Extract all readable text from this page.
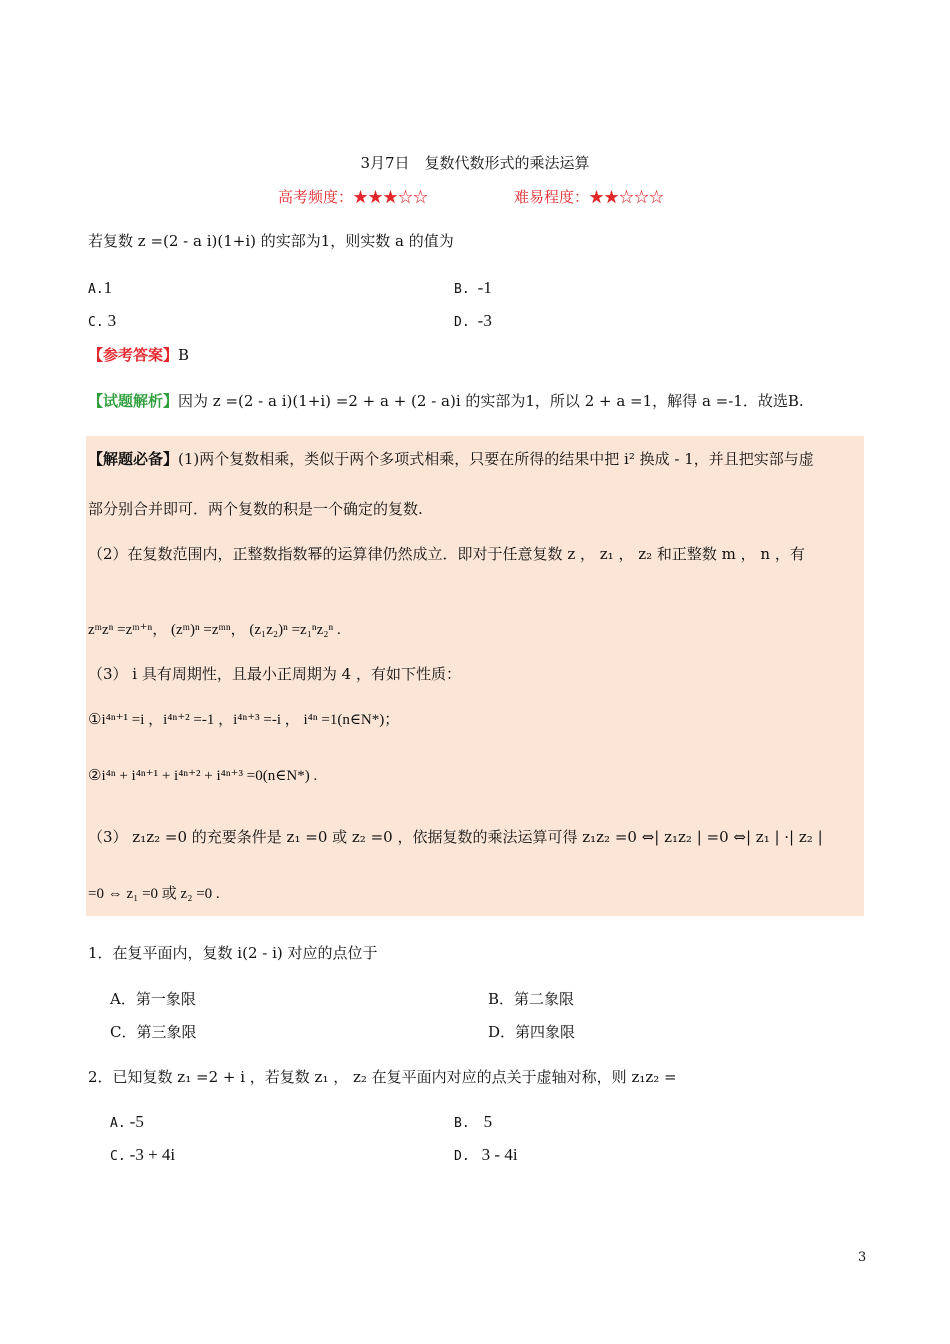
3月7日　复数代数形式的乘法运算
高考频度：★★★☆☆	难易程度：★★☆☆☆
若复数 z =(2 - a i)(1+i) 的实部为1，则实数 a 的值为
A.1	B. -1
C. 3	D. -3
【参考答案】B
【试题解析】因为 z =(2 - a i)(1+i) =2 + a + (2 - a)i 的实部为1，所以 2 + a =1，解得 a =-1．故选B.
【解题必备】(1)两个复数相乘，类似于两个多项式相乘，只要在所得的结果中把 i² 换成 - 1，并且把实部与虚
部分别合并即可．两个复数的积是一个确定的复数.
（2）在复数范围内，正整数指数幂的运算律仍然成立．即对于任意复数 z ， z₁ ， z₂ 和正整数 m ， n ，有
zᵐzⁿ =zᵐ⁺ⁿ， (zᵐ)ⁿ =zᵐⁿ， (z₁z₂)ⁿ =z₁ⁿz₂ⁿ .
（3） i 具有周期性，且最小正周期为 4 ，有如下性质：
①i⁴ⁿ⁺¹ =i ，i⁴ⁿ⁺² =-1 ，i⁴ⁿ⁺³ =-i ， i⁴ⁿ =1(n∈N*)；
②i⁴ⁿ + i⁴ⁿ⁺¹ + i⁴ⁿ⁺² + i⁴ⁿ⁺³ =0(n∈N*) .
（3） z₁z₂ =0 的充要条件是 z₁ =0 或 z₂ =0 ，依据复数的乘法运算可得 z₁z₂ =0 ⇔| z₁z₂ | =0 ⇔| z₁ | ·| z₂ |
=0 ⇔ z₁ =0 或 z₂ =0 .
1．在复平面内，复数 i(2 - i) 对应的点位于
A．第一象限	B．第二象限
C．第三象限	D．第四象限
2．已知复数 z₁ =2 + i ，若复数 z₁ ， z₂ 在复平面内对应的点关于虚轴对称，则 z₁z₂ =
A. -5	B. 5
C. -3 + 4i	D. 3 - 4i
3
